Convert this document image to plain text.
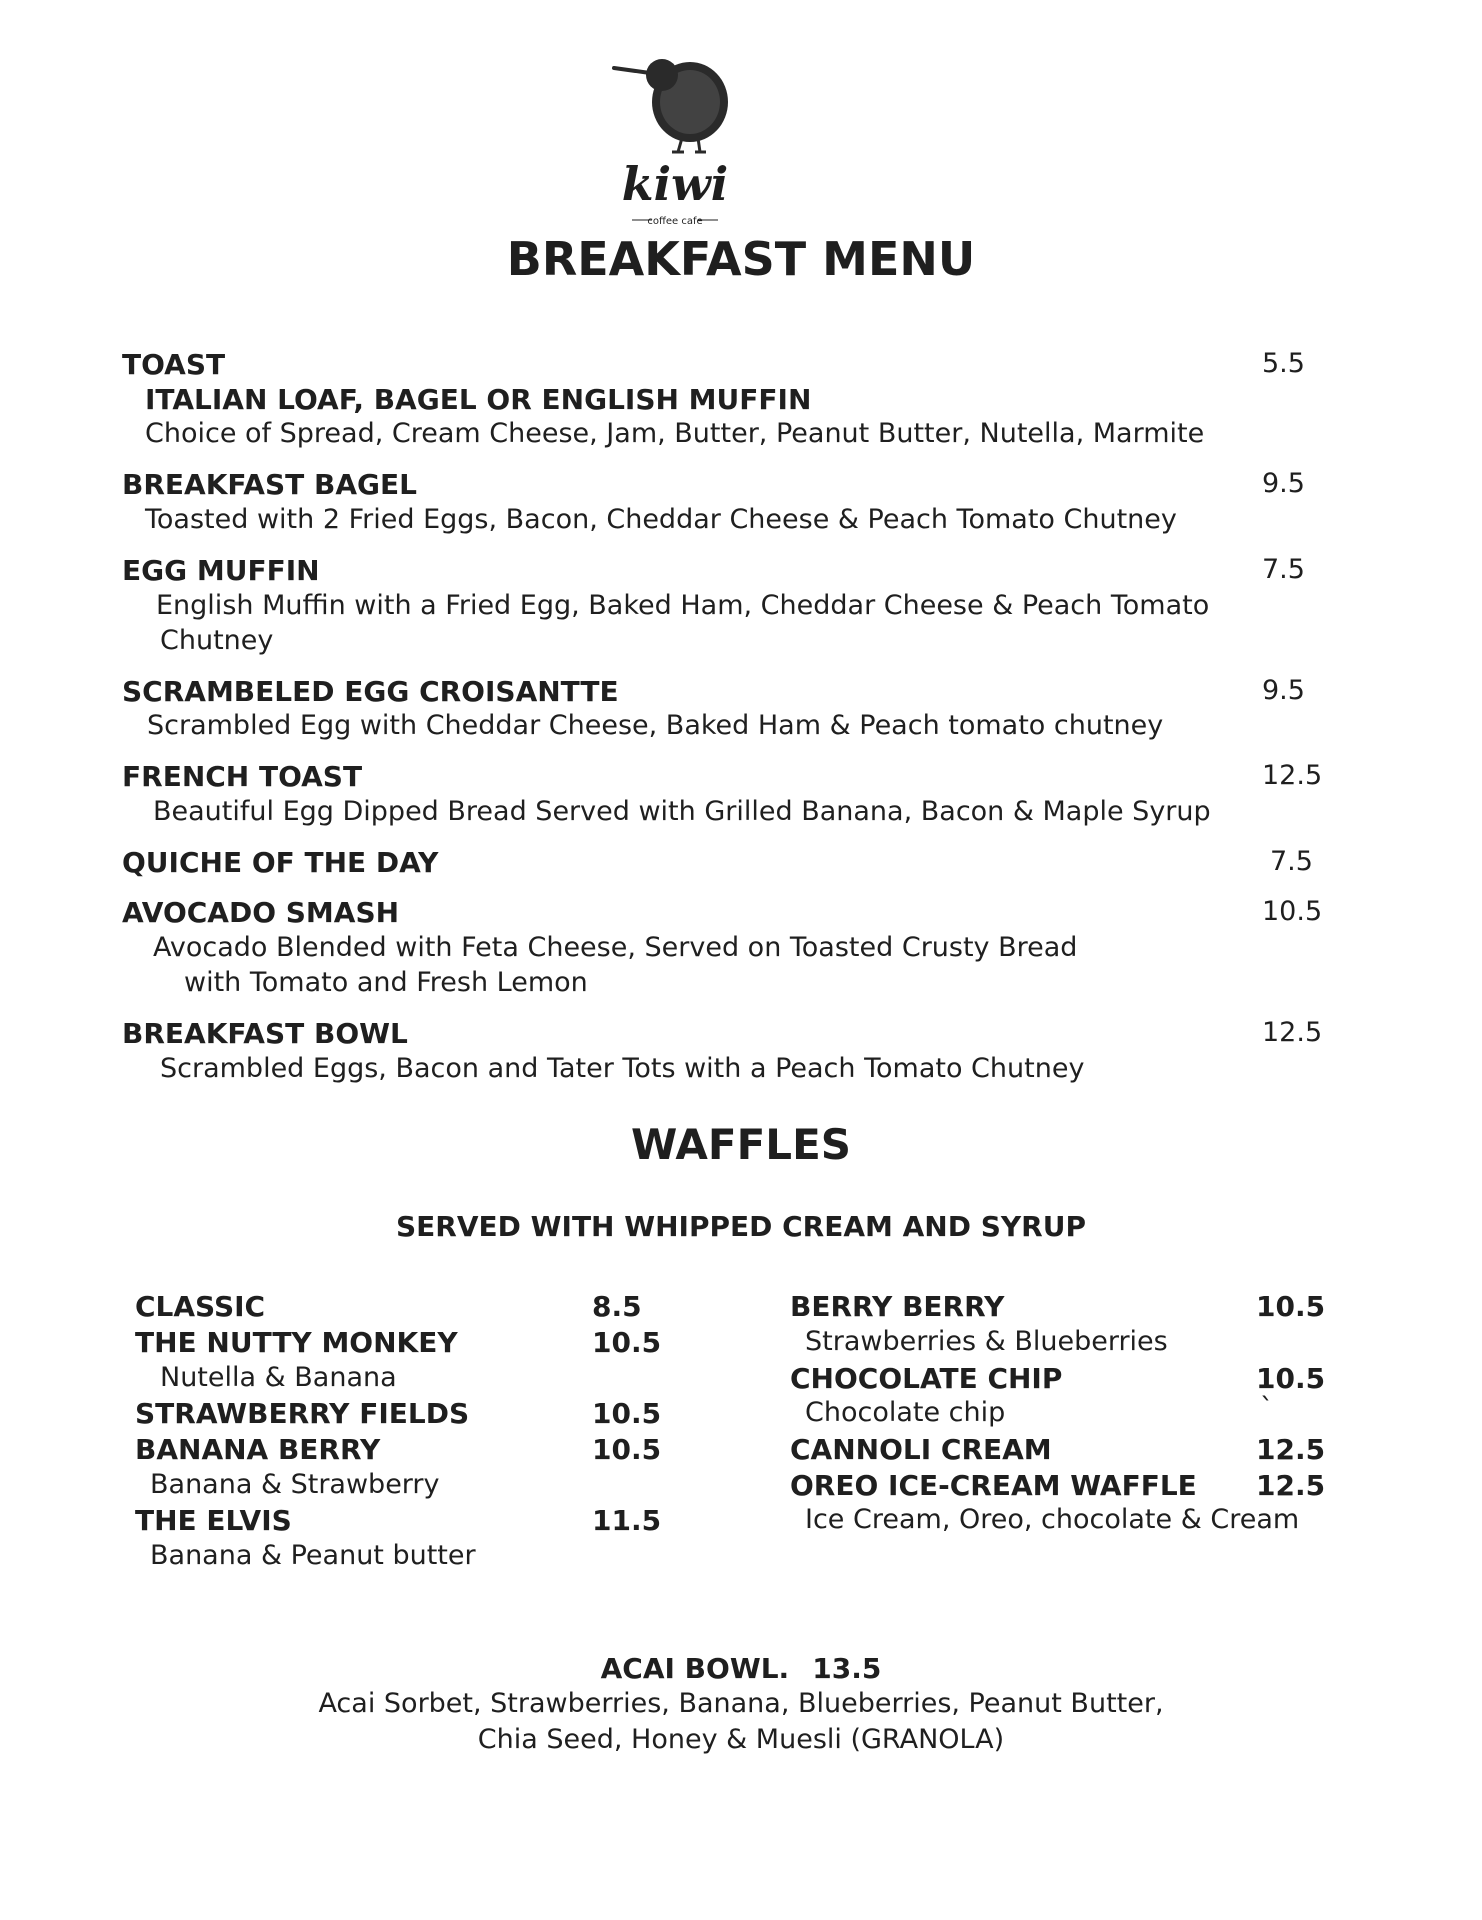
kiwi
coffee cafe
BREAKFAST MENU
TOAST	5.5
ITALIAN LOAF, BAGEL OR ENGLISH MUFFIN
Choice of Spread, Cream Cheese, Jam, Butter, Peanut Butter, Nutella, Marmite
BREAKFAST BAGEL	9.5
Toasted with 2 Fried Eggs, Bacon, Cheddar Cheese & Peach Tomato Chutney
EGG MUFFIN	7.5
English Muffin with a Fried Egg, Baked Ham, Cheddar Cheese & Peach Tomato
Chutney
SCRAMBELED EGG CROISANTTE	9.5
Scrambled Egg with Cheddar Cheese, Baked Ham & Peach tomato chutney
FRENCH TOAST	12.5
Beautiful Egg Dipped Bread Served with Grilled Banana, Bacon & Maple Syrup
QUICHE OF THE DAY	7.5
AVOCADO SMASH	10.5
Avocado Blended with Feta Cheese, Served on Toasted Crusty Bread
with Tomato and Fresh Lemon
BREAKFAST BOWL	12.5
Scrambled Eggs, Bacon and Tater Tots with a Peach Tomato Chutney
WAFFLES
SERVED WITH WHIPPED CREAM AND SYRUP
CLASSIC	8.5
THE NUTTY MONKEY	10.5
Nutella & Banana
STRAWBERRY FIELDS	10.5
BANANA BERRY	10.5
Banana & Strawberry
THE ELVIS	11.5
Banana & Peanut butter
BERRY BERRY	10.5
Strawberries & Blueberries
CHOCOLATE CHIP	10.5
Chocolate chip	`
CANNOLI CREAM	12.5
OREO ICE-CREAM WAFFLE 12.5
Ice Cream, Oreo, chocolate & Cream
ACAI BOWL. 13.5
Acai Sorbet, Strawberries, Banana, Blueberries, Peanut Butter,
Chia Seed, Honey & Muesli (GRANOLA)
